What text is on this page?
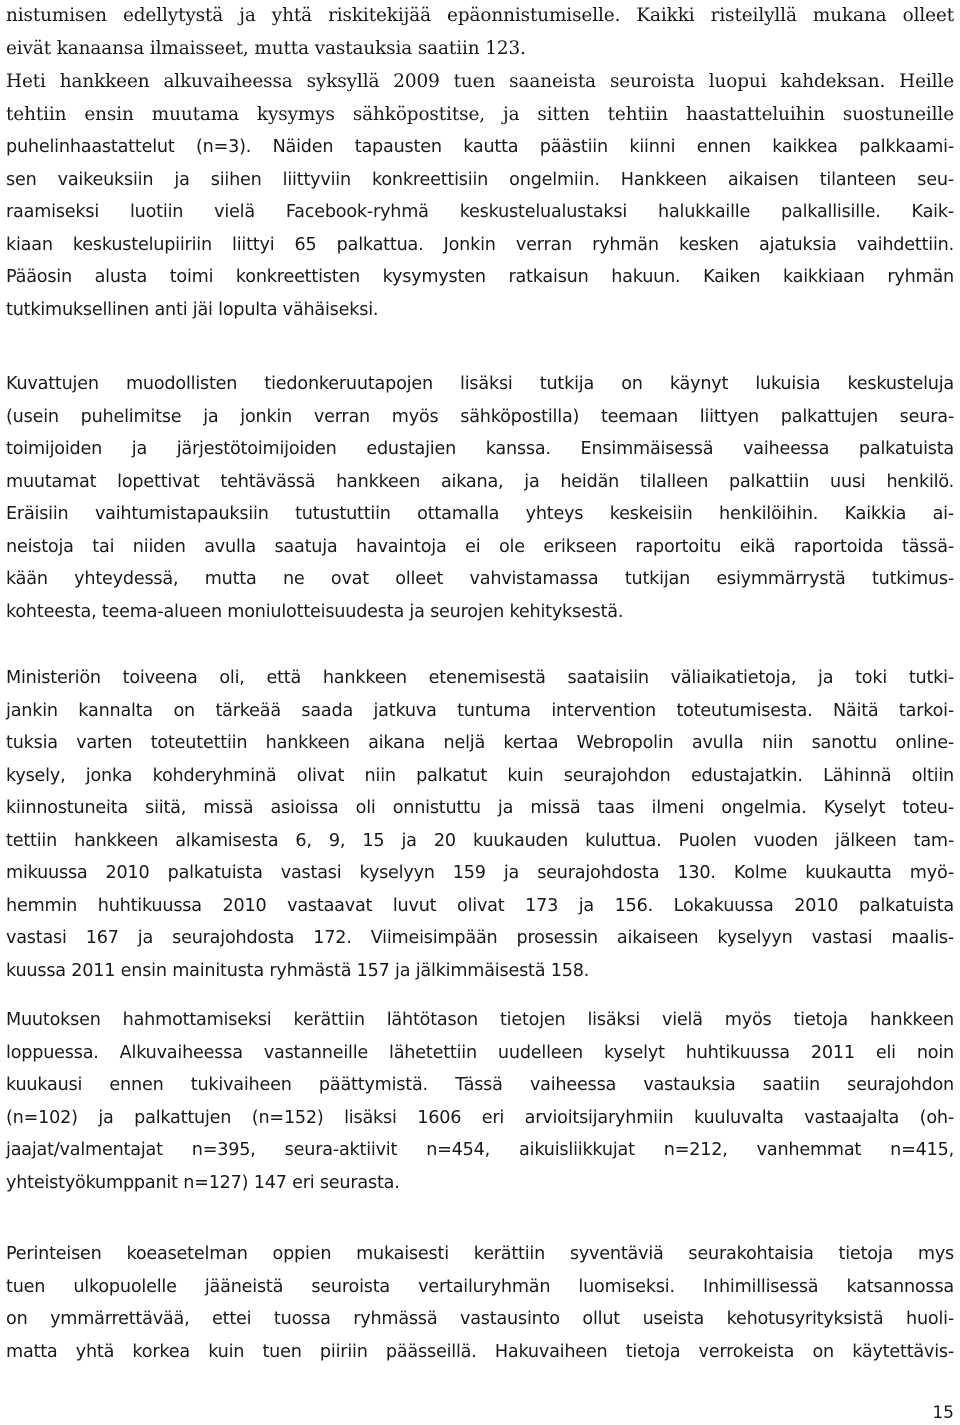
nistumisen edellytystä ja yhtä riskitekijää epäonnistumiselle. Kaikki risteilyllä mukana olleet
eivät kanaansa ilmaisseet, mutta vastauksia saatiin 123.
Heti hankkeen alkuvaiheessa syksyllä 2009 tuen saaneista seuroista luopui kahdeksan. Heille
tehtiin ensin muutama kysymys sähköpostitse, ja sitten tehtiin haastatteluihin suostuneille
puhelinhaastattelut (n=3). Näiden tapausten kautta päästiin kiinni ennen kaikkea palkkaami-
sen vaikeuksiin ja siihen liittyviin konkreettisiin ongelmiin. Hankkeen aikaisen tilanteen seu-
raamiseksi luotiin vielä Facebook-ryhmä keskustelualustaksi halukkaille palkallisille. Kaik-
kiaan keskustelupiiriin liittyi 65 palkattua. Jonkin verran ryhmän kesken ajatuksia vaihdettiin.
Pääosin alusta toimi konkreettisten kysymysten ratkaisun hakuun. Kaiken kaikkiaan ryhmän
tutkimuksellinen anti jäi lopulta vähäiseksi.
Kuvattujen muodollisten tiedonkeruutapojen lisäksi tutkija on käynyt lukuisia keskusteluja
(usein puhelimitse ja jonkin verran myös sähköpostilla) teemaan liittyen palkattujen seura-
toimijoiden ja järjestötoimijoiden edustajien kanssa. Ensimmäisessä vaiheessa palkatuista
muutamat lopettivat tehtävässä hankkeen aikana, ja heidän tilalleen palkattiin uusi henkilö.
Eräisiin vaihtumistapauksiin tutustuttiin ottamalla yhteys keskeisiin henkilöihin. Kaikkia ai-
neistoja tai niiden avulla saatuja havaintoja ei ole erikseen raportoitu eikä raportoida tässä-
kään yhteydessä, mutta ne ovat olleet vahvistamassa tutkijan esiymmärrystä tutkimus-
kohteesta, teema-alueen moniulotteisuudesta ja seurojen kehityksestä.
Ministeriön toiveena oli, että hankkeen etenemisestä saataisiin väliaikatietoja, ja toki tutki-
jankin kannalta on tärkeää saada jatkuva tuntuma intervention toteutumisesta. Näitä tarkoi-
tuksia varten toteutettiin hankkeen aikana neljä kertaa Webropolin avulla niin sanottu online-
kysely, jonka kohderyhminä olivat niin palkatut kuin seurajohdon edustajatkin. Lähinnä oltiin
kiinnostuneita siitä, missä asioissa oli onnistuttu ja missä taas ilmeni ongelmia. Kyselyt toteu-
tettiin hankkeen alkamisesta 6, 9, 15 ja 20 kuukauden kuluttua. Puolen vuoden jälkeen tam-
mikuussa 2010 palkatuista vastasi kyselyyn 159 ja seurajohdosta 130. Kolme kuukautta myö-
hemmin huhtikuussa 2010 vastaavat luvut olivat 173 ja 156. Lokakuussa 2010 palkatuista
vastasi 167 ja seurajohdosta 172. Viimeisimpään prosessin aikaiseen kyselyyn vastasi maalis-
kuussa 2011 ensin mainitusta ryhmästä 157 ja jälkimmäisestä 158.
Muutoksen hahmottamiseksi kerättiin lähtötason tietojen lisäksi vielä myös tietoja hankkeen
loppuessa. Alkuvaiheessa vastanneille lähetettiin uudelleen kyselyt huhtikuussa 2011 eli noin
kuukausi ennen tukivaiheen päättymistä. Tässä vaiheessa vastauksia saatiin seurajohdon
(n=102) ja palkattujen (n=152) lisäksi 1606 eri arvioitsijaryhmiin kuuluvalta vastaajalta (oh-
jaajat/valmentajat n=395, seura-aktiivit n=454, aikuisliikkujat n=212, vanhemmat n=415,
yhteistyökumppanit n=127) 147 eri seurasta.
Perinteisen koeasetelman oppien mukaisesti kerättiin syventäviä seurakohtaisia tietoja mys
tuen ulkopuolelle jääneistä seuroista vertailuryhmän luomiseksi. Inhimillisessä katsannossa
on ymmärrettävää, ettei tuossa ryhmässä vastausinto ollut useista kehotusyrityksistä huoli-
matta yhtä korkea kuin tuen piiriin päässeillä. Hakuvaiheen tietoja verrokeista on käytettävis-
15
